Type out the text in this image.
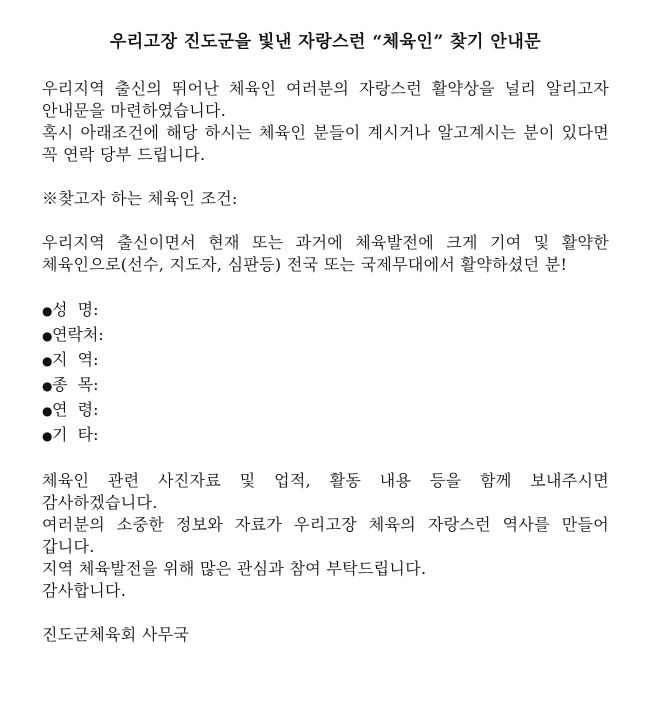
우리고장 진도군을 빛낸 자랑스런 “체육인” 찾기 안내문

우리지역 출신의 뛰어난 체육인 여러분의 자랑스런 활약상을 널리 알리고자 안내문을 마련하였습니다.

혹시 아래조건에 해당 하시는 체육인 분들이 계시거나 알고계시는 분이 있다면 꼭 연락 당부 드립니다.

※찾고자 하는 체육인 조건:

우리지역 출신이면서 현재 또는 과거에 체육발전에 크게 기여 및 활약한 체육인으로(선수, 지도자, 심판등) 전국 또는 국제무대에서 활약하셨던 분!

● 성  명:
● 연락처:
● 지  역:
● 종  목:
● 연  령:
● 기  타:

체육인 관련 사진자료 및 업적, 활동 내용 등을 함께 보내주시면 감사하겠습니다.

여러분의 소중한 정보와 자료가 우리고장 체육의 자랑스런 역사를 만들어 갑니다.

지역 체육발전을 위해 많은 관심과 참여 부탁드립니다.

감사합니다.

진도군체육회 사무국
